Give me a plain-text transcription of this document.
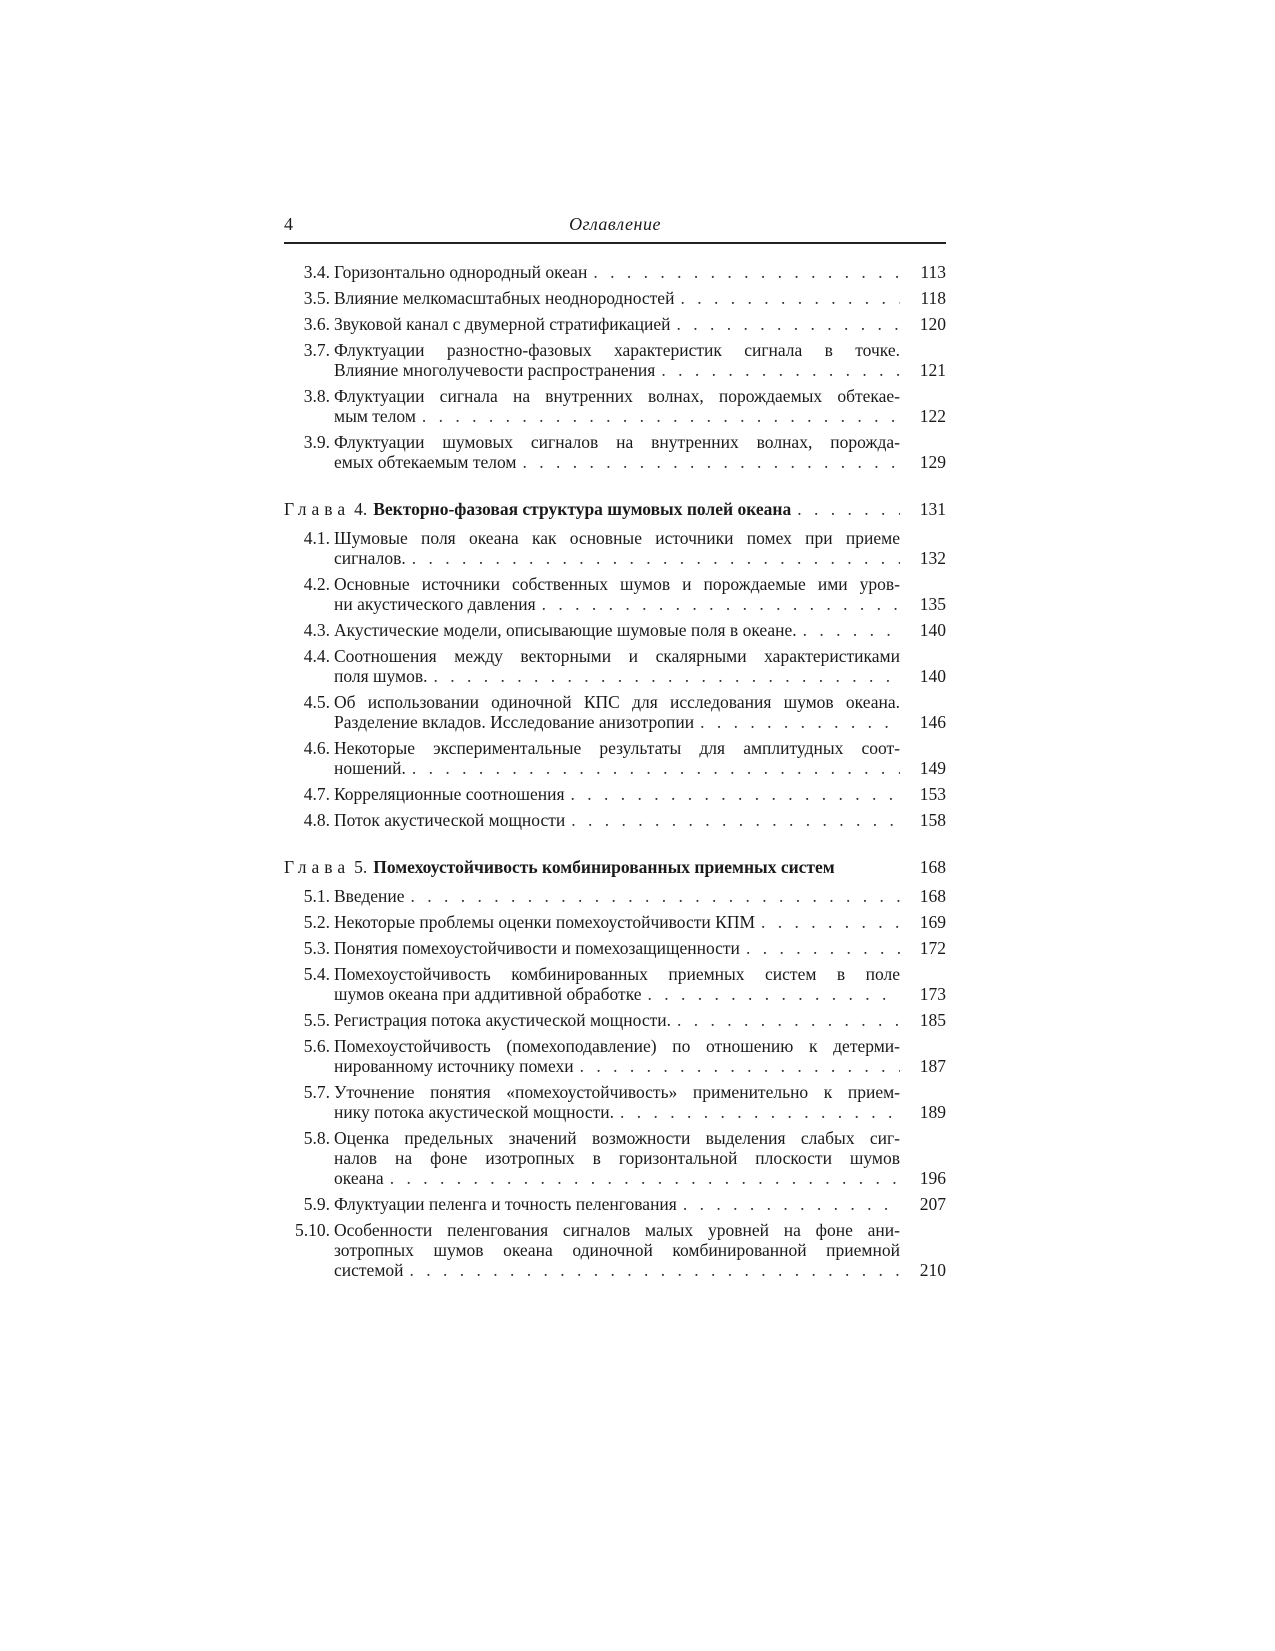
4	Оглавление
3.4. Горизонтально однородный океан . . .	113
3.5. Влияние мелкомасштабных неоднородностей . . .	118
3.6. Звуковой канал с двумерной стратификацией . . .	120
3.7. Флуктуации разностно-фазовых характеристик сигнала в точке.
Влияние многолучевости распространения . . .	121
3.8. Флуктуации сигнала на внутренних волнах, порождаемых обтекае-
мым телом . . .	122
3.9. Флуктуации шумовых сигналов на внутренних волнах, порожда-
емых обтекаемым телом . . .	129
Глава 4. Векторно-фазовая структура шумовых полей океана . . .	131
4.1. Шумовые поля океана как основные источники помех при приеме
сигналов. . . .	132
4.2. Основные источники собственных шумов и порождаемые ими уров-
ни акустического давления . . .	135
4.3. Акустические модели, описывающие шумовые поля в океане. . . .	140
4.4. Соотношения между векторными и скалярными характеристиками
поля шумов. . . .	140
4.5. Об использовании одиночной КПС для исследования шумов океана.
Разделение вкладов. Исследование анизотропии . . .	146
4.6. Некоторые экспериментальные результаты для амплитудных соот-
ношений. . . .	149
4.7. Корреляционные соотношения . . .	153
4.8. Поток акустической мощности . . .	158
Глава 5. Помехоустойчивость комбинированных приемных систем	168
5.1. Введение . . .	168
5.2. Некоторые проблемы оценки помехоустойчивости КПМ . . .	169
5.3. Понятия помехоустойчивости и помехозащищенности . . .	172
5.4. Помехоустойчивость комбинированных приемных систем в поле
шумов океана при аддитивной обработке . . .	173
5.5. Регистрация потока акустической мощности. . . .	185
5.6. Помехоустойчивость (помехоподавление) по отношению к детерми-
нированному источнику помехи . . .	187
5.7. Уточнение понятия «помехоустойчивость» применительно к прием-
нику потока акустической мощности. . . .	189
5.8. Оценка предельных значений возможности выделения слабых сиг-
налов на фоне изотропных в горизонтальной плоскости шумов
океана . . .	196
5.9. Флуктуации пеленга и точность пеленгования . . .	207
5.10. Особенности пеленгования сигналов малых уровней на фоне ани-
зотропных шумов океана одиночной комбинированной приемной
системой . . .	210
